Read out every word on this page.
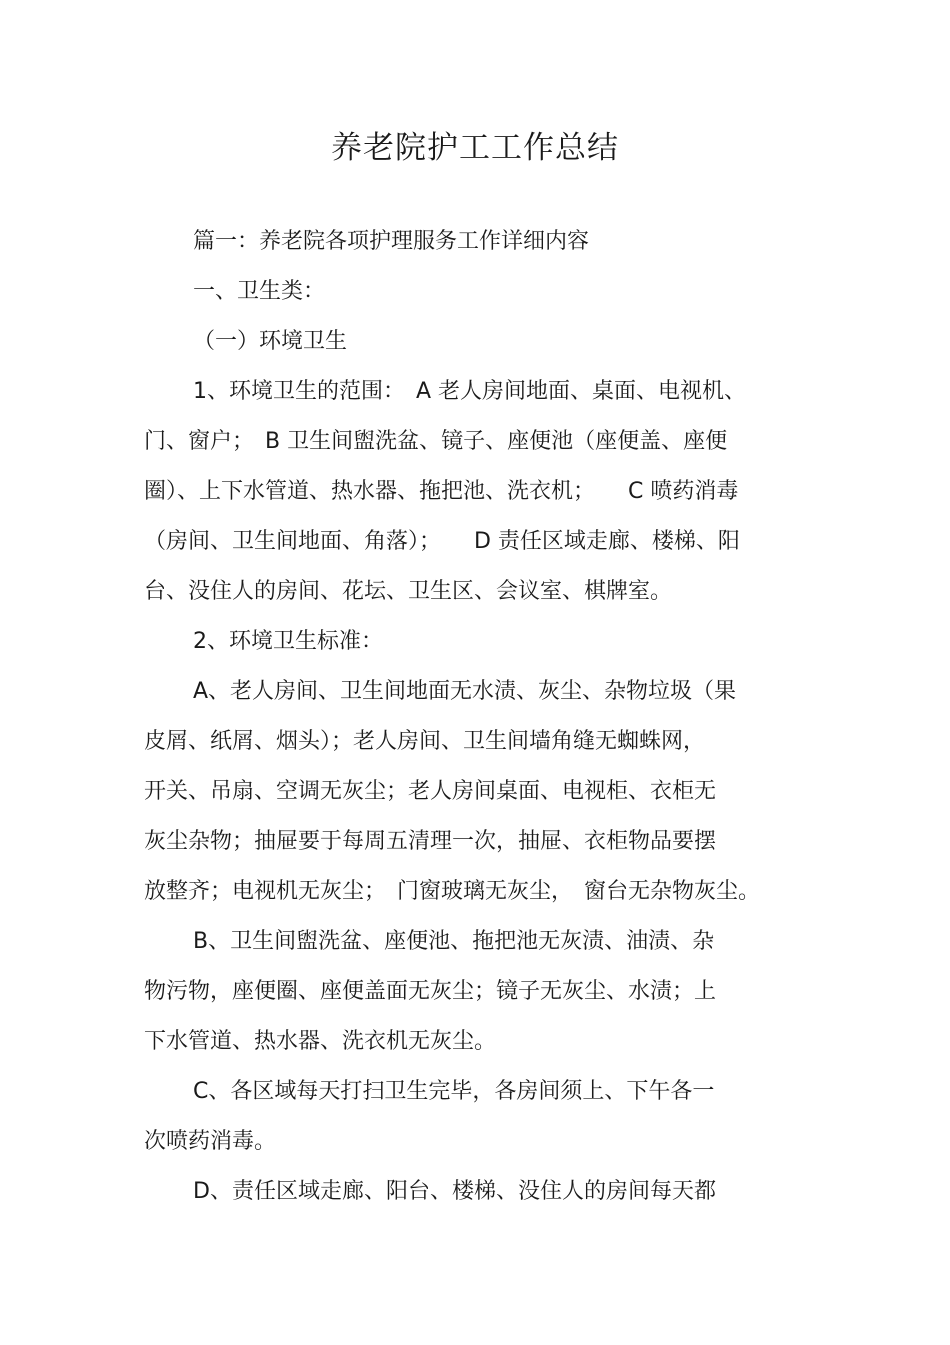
养老院护工工作总结
篇一：养老院各项护理服务工作详细内容
一、卫生类：
（一）环境卫生
1、环境卫生的范围：　A 老人房间地面、桌面、电视机、
门、窗户；　B 卫生间盥洗盆、镜子、座便池（座便盖、座便
圈）、上下水管道、热水器、拖把池、洗衣机；　　C 喷药消毒
（房间、卫生间地面、角落）；　　D 责任区域走廊、楼梯、阳
台、没住人的房间、花坛、卫生区、会议室、棋牌室。
2、环境卫生标准：
A、老人房间、卫生间地面无水渍、灰尘、杂物垃圾（果
皮屑、纸屑、烟头）；老人房间、卫生间墙角缝无蜘蛛网，
开关、吊扇、空调无灰尘；老人房间桌面、电视柜、衣柜无
灰尘杂物；抽屉要于每周五清理一次，抽屉、衣柜物品要摆
放整齐；电视机无灰尘；　门窗玻璃无灰尘，　窗台无杂物灰尘。
B、卫生间盥洗盆、座便池、拖把池无灰渍、油渍、杂
物污物，座便圈、座便盖面无灰尘；镜子无灰尘、水渍；上
下水管道、热水器、洗衣机无灰尘。
C、各区域每天打扫卫生完毕，各房间须上、下午各一
次喷药消毒。
D、责任区域走廊、阳台、楼梯、没住人的房间每天都
